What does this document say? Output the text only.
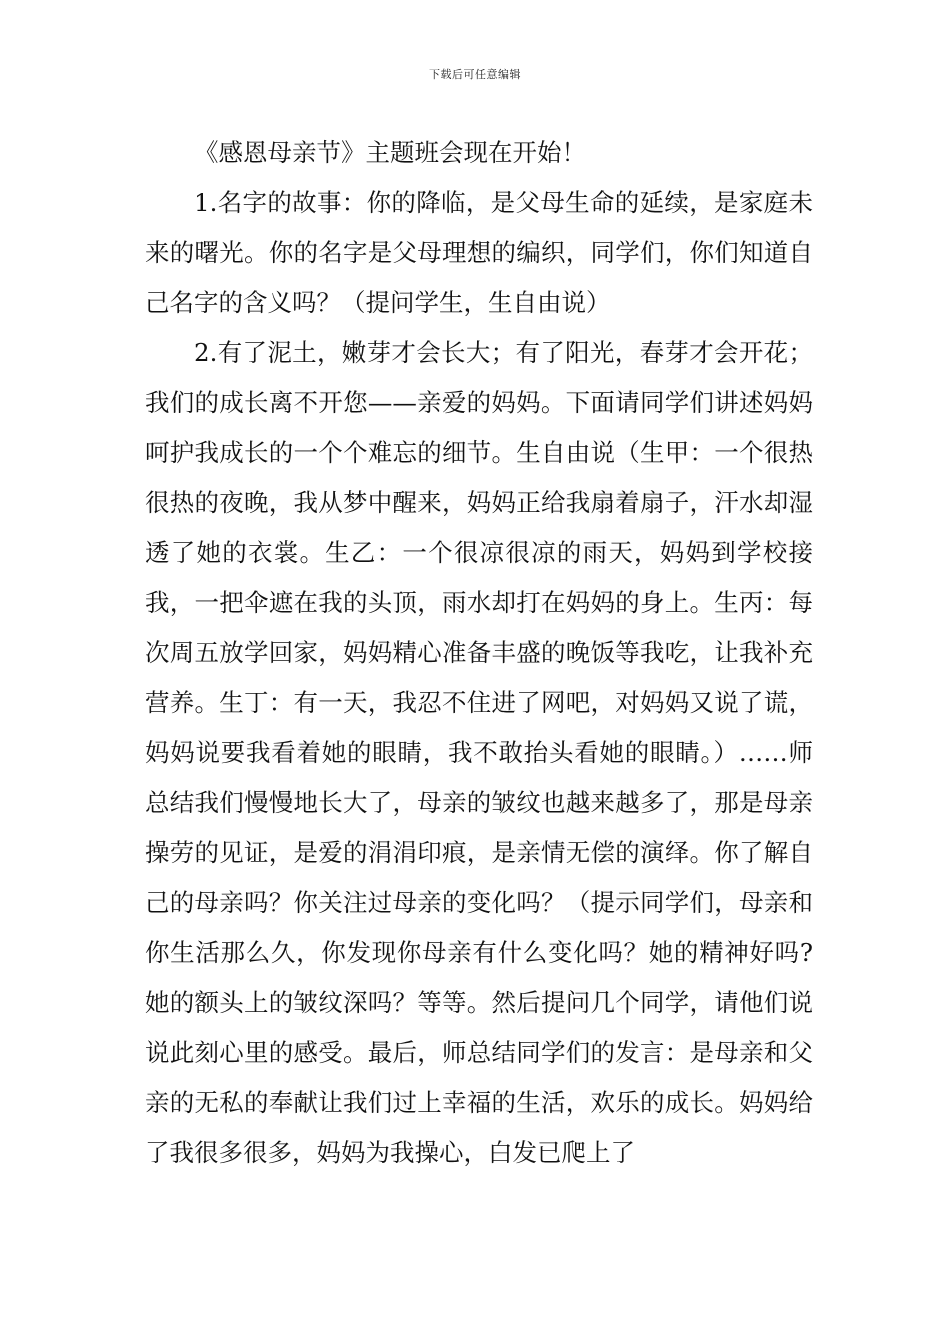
下载后可任意编辑

《感恩母亲节》主题班会现在开始！

1.名字的故事：你的降临，是父母生命的延续，是家庭未来的曙光。你的名字是父母理想的编织，同学们，你们知道自己名字的含义吗？（提问学生，生自由说）

2.有了泥土，嫩芽才会长大；有了阳光，春芽才会开花；我们的成长离不开您——亲爱的妈妈。下面请同学们讲述妈妈呵护我成长的一个个难忘的细节。生自由说（生甲：一个很热很热的夜晚，我从梦中醒来，妈妈正给我扇着扇子，汗水却湿透了她的衣裳。生乙：一个很凉很凉的雨天，妈妈到学校接我，一把伞遮在我的头顶，雨水却打在妈妈的身上。生丙：每次周五放学回家，妈妈精心准备丰盛的晚饭等我吃，让我补充营养。生丁：有一天，我忍不住进了网吧，对妈妈又说了谎，妈妈说要我看着她的眼睛，我不敢抬头看她的眼睛。）……师总结我们慢慢地长大了，母亲的皱纹也越来越多了，那是母亲操劳的见证，是爱的涓涓印痕，是亲情无偿的演绎。你了解自己的母亲吗？你关注过母亲的变化吗？（提示同学们，母亲和你生活那么久，你发现你母亲有什么变化吗？她的精神好吗?她的额头上的皱纹深吗？等等。然后提问几个同学，请他们说说此刻心里的感受。最后，师总结同学们的发言：是母亲和父亲的无私的奉献让我们过上幸福的生活，欢乐的成长。妈妈给了我很多很多，妈妈为我操心，白发已爬上了
